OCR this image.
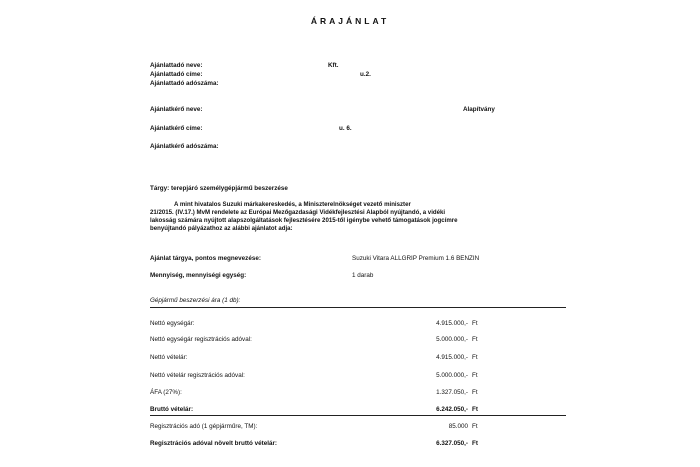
ÁRAJÁNLAT
Ajánlattadó neve:	Kft.
Ajánlattadó címe:	u.2.
Ajánlattadó adószáma:
Ajánlatkérő neve:	Alapítvány
Ajánlatkérő címe:	u. 6.
Ajánlatkérő adószáma:
Tárgy: terepjáró személygépjármű beszerzése
A mint hivatalos Suzuki márkakereskedés, a Miniszterelnökséget vezető miniszter
21/2015. (IV.17.) MvM rendelete az Európai Mezőgazdasági Vidékfejlesztési Alapból nyújtandó, a vidéki
lakosság számára nyújtott alapszolgáltatások fejlesztésére 2015-től igénybe vehető támogatások jogcímre
benyújtandó pályázathoz az alábbi ajánlatot adja:
Ajánlat tárgya, pontos megnevezése:	Suzuki Vitara ALLGRIP Premium 1.6 BENZIN
Mennyiség, mennyiségi egység:	1 darab
Gépjármű beszerzési ára (1 db):
Nettó egységár:	4.915.000,- Ft
Nettó egységár regisztrációs adóval:	5.000.000,- Ft
Nettó vételár:	4.915.000,- Ft
Nettó vételár regisztrációs adóval:	5.000.000,- Ft
ÁFA (27%):	1.327.050,- Ft
Bruttó vételár:	6.242.050,- Ft
Regisztrációs adó (1 gépjárműre, TM):	85.000 Ft
Regisztrációs adóval növelt bruttó vételár:	6.327.050,- Ft
